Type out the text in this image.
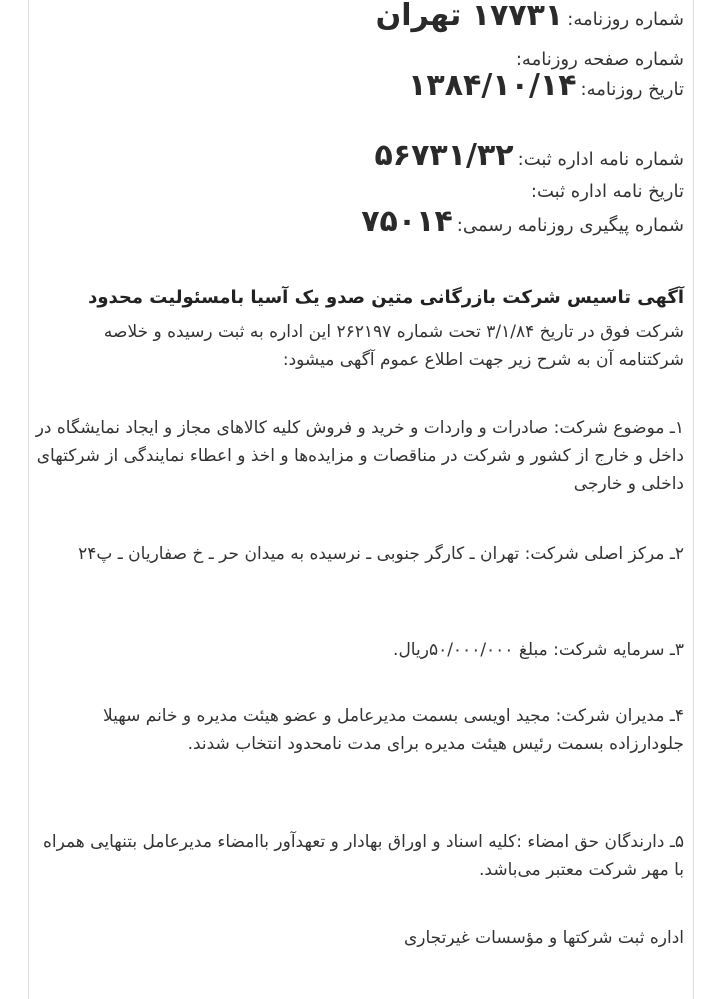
شماره روزنامه:۱۷۷۳۱ تهران
شماره صفحه روزنامه:
تاریخ روزنامه:۱۳۸۴/۱۰/۱۴
شماره نامه اداره ثبت:۵۶۷۳۱/۳۲
تاریخ نامه اداره ثبت:
شماره پیگیری روزنامه رسمی:۷۵۰۱۴
آگهی تاسیس شرکت بازرگانی متین صدو یک آسیا بامسئولیت محدود

شرکت فوق در تاریخ ۳/۱/۸۴ تحت شماره ۲۶۲۱۹۷ این اداره به ثبت رسیده و خلاصه شرکتنامه آن به شرح زیر جهت اطلاع عموم آگهی میشود:

۱ـ موضوع شرکت: صادرات و واردات و خرید و فروش کلیه کالاهای مجاز و ایجاد نمایشگاه در داخل و خارج از کشور و شرکت در مناقصات و مزایده‌ها و اخذ و اعطاء نمایندگی از شرکتهای داخلی و خارجی

۲ـ مرکز اصلی شرکت: تهران ـ کارگر جنوبی ـ نرسیده به میدان حر ـ خ صفاریان ـ پ۲۴

۳ـ سرمایه شرکت: مبلغ ۵۰/۰۰۰/۰۰۰ریال.

۴ـ مدیران شرکت: مجید اویسی بسمت مدیرعامل و عضو هیئت مدیره و خانم سهیلا جلودارزاده بسمت رئیس هیئت مدیره برای مدت نامحدود انتخاب شدند.

۵ـ دارندگان حق امضاء :کلیه اسناد و اوراق بهادار و تعهدآور باامضاء مدیرعامل بتنهایی همراه با مهر شرکت معتبر می‌باشد.

اداره ثبت شرکتها و مؤسسات غیرتجاری
